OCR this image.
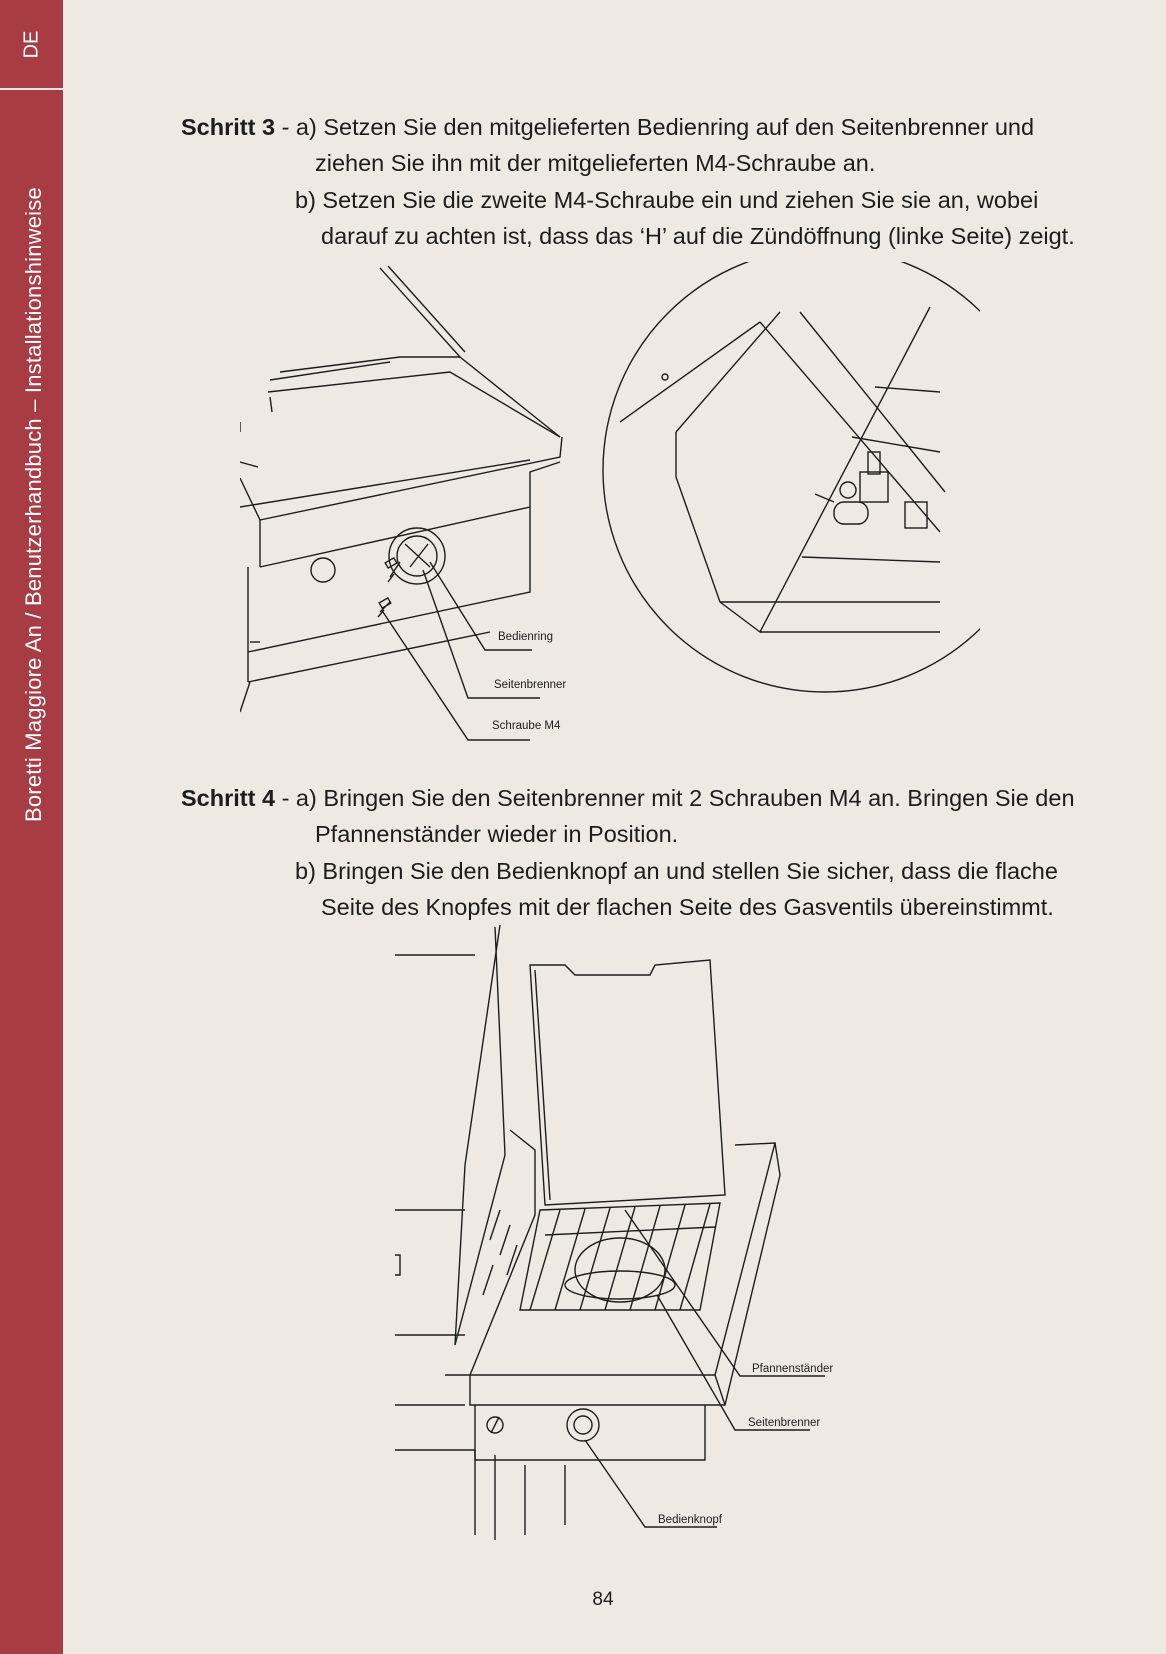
DE
Boretti Maggiore An / Benutzerhandbuch – Installationshinweise
Schritt 3 - a) Setzen Sie den mitgelieferten Bedienring auf den Seitenbrenner und
ziehen Sie ihn mit der mitgelieferten M4-Schraube an.
b) Setzen Sie die zweite M4-Schraube ein und ziehen Sie sie an, wobei
darauf zu achten ist, dass das ‘H’ auf die Zündöffnung (linke Seite) zeigt.
Bedienring
Seitenbrenner
Schraube M4
Schritt 4 - a) Bringen Sie den Seitenbrenner mit 2 Schrauben M4 an. Bringen Sie den
Pfannenständer wieder in Position.
b) Bringen Sie den Bedienknopf an und stellen Sie sicher, dass die flache
Seite des Knopfes mit der flachen Seite des Gasventils übereinstimmt.
Pfannenständer
Seitenbrenner
Bedienknopf
84
